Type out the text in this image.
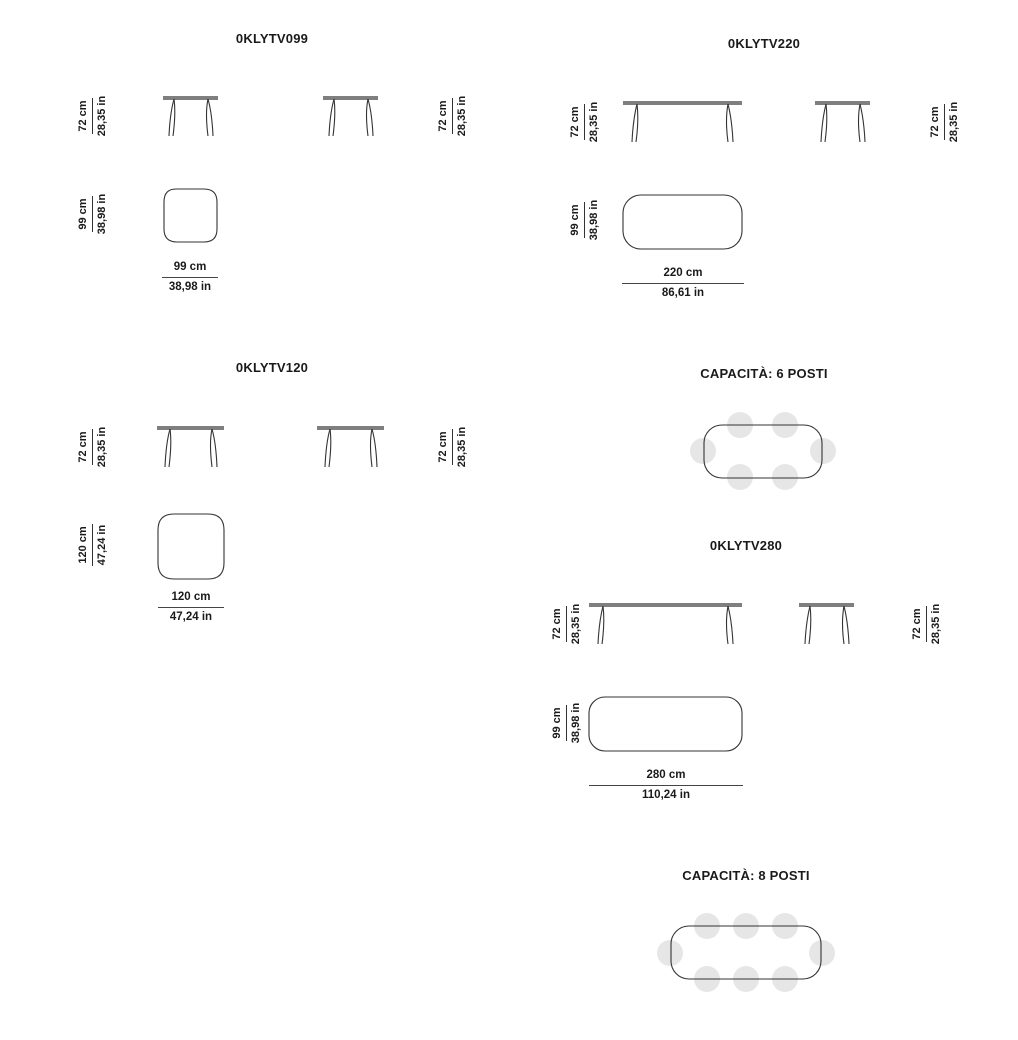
0KLYTV099
72 cm 28,35 in	72 cm 28,35 in
99 cm 38,98 in
99 cm
38,98 in
0KLYTV220
72 cm 28,35 in	72 cm 28,35 in
99 cm 38,98 in
220 cm
86,61 in
0KLYTV120
72 cm 28,35 in	72 cm 28,35 in
120 cm 47,24 in
120 cm
47,24 in
CAPACITÀ: 6 POSTI
0KLYTV280
72 cm 28,35 in	72 cm 28,35 in
99 cm 38,98 in
280 cm
110,24 in
CAPACITÀ: 8 POSTI
